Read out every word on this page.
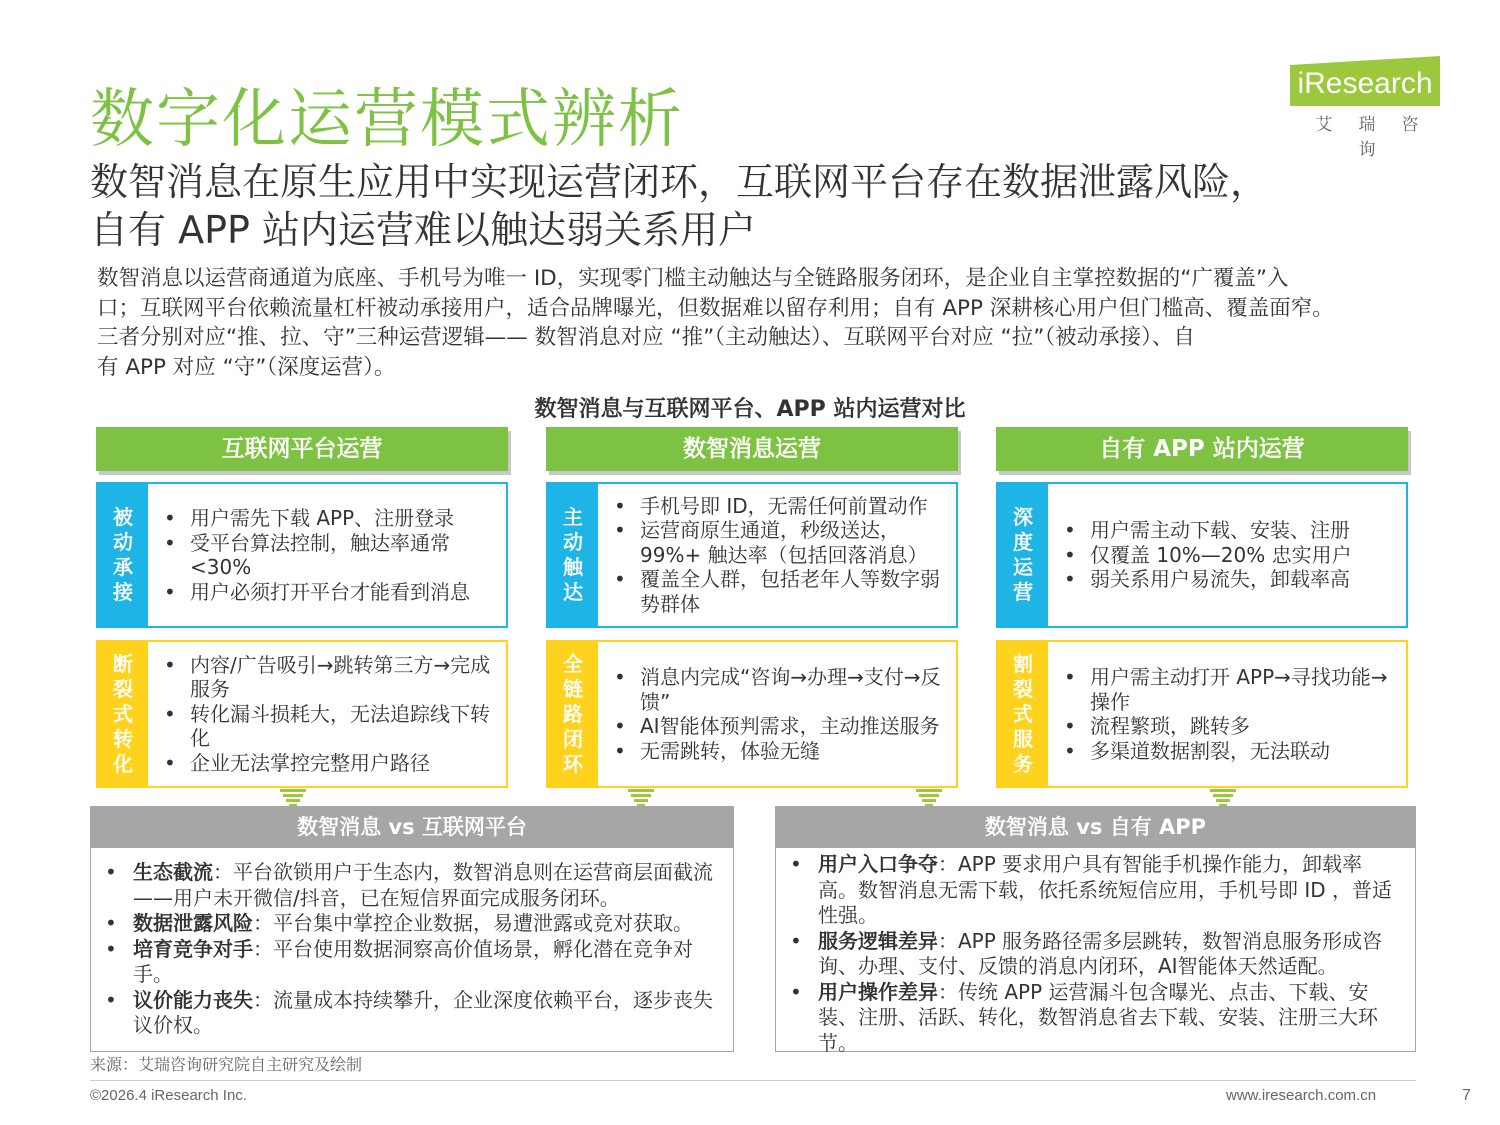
数字化运营模式辨析	iResearch
艾瑞咨询
数智消息在原生应用中实现运营闭环，互联网平台存在数据泄露风险，
自有 APP 站内运营难以触达弱关系用户
数智消息以运营商通道为底座、手机号为唯一 ID，实现零门槛主动触达与全链路服务闭环，是企业自主掌控数据的“广覆盖”入
口；互联网平台依赖流量杠杆被动承接用户，适合品牌曝光，但数据难以留存利用；自有 APP 深耕核心用户但门槛高、覆盖面窄。
三者分别对应“推、拉、守”三种运营逻辑—— 数智消息对应 “推”（主动触达）、互联网平台对应 “拉”（被动承接）、自
有 APP 对应 “守”（深度运营）。
数智消息与互联网平台、APP 站内运营对比
互联网平台运营
被
动
承
接
• 用户需先下载 APP、注册登录
• 受平台算法控制，触达率通常<30%
• 用户必须打开平台才能看到消息
断
裂
式
转
化
• 内容/广告吸引→跳转第三方→完成服务
• 转化漏斗损耗大，无法追踪线下转化
• 企业无法掌控完整用户路径
数智消息运营
主
动
触
达
• 手机号即 ID，无需任何前置动作
• 运营商原生通道，秒级送达，99%+ 触达率（包括回落消息）
• 覆盖全人群，包括老年人等数字弱势群体
全
链
路
闭
环
• 消息内完成“咨询→办理→支付→反馈”
• AI智能体预判需求，主动推送服务
• 无需跳转，体验无缝
自有 APP 站内运营
深
度
运
营
• 用户需主动下载、安装、注册
• 仅覆盖 10%—20% 忠实用户
• 弱关系用户易流失，卸载率高
割
裂
式
服
务
• 用户需主动打开 APP→寻找功能→操作
• 流程繁琐，跳转多
• 多渠道数据割裂，无法联动
数智消息 vs 互联网平台
• 生态截流：平台欲锁用户于生态内，数智消息则在运营商层面截流——用户未开微信/抖音，已在短信界面完成服务闭环。
• 数据泄露风险：平台集中掌控企业数据，易遭泄露或竞对获取。
• 培育竞争对手：平台使用数据洞察高价值场景，孵化潜在竞争对手。
• 议价能力丧失：流量成本持续攀升，企业深度依赖平台，逐步丧失议价权。
数智消息 vs 自有 APP
• 用户入口争夺：APP 要求用户具有智能手机操作能力，卸载率高。数智消息无需下载，依托系统短信应用，手机号即 ID ，普适性强。
• 服务逻辑差异：APP 服务路径需多层跳转，数智消息服务形成咨询、办理、支付、反馈的消息内闭环，AI智能体天然适配。
• 用户操作差异：传统 APP 运营漏斗包含曝光、点击、下载、安装、注册、活跃、转化，数智消息省去下载、安装、注册三大环节。
来源：艾瑞咨询研究院自主研究及绘制
©2026.4 iResearch Inc.	www.iresearch.com.cn	7
